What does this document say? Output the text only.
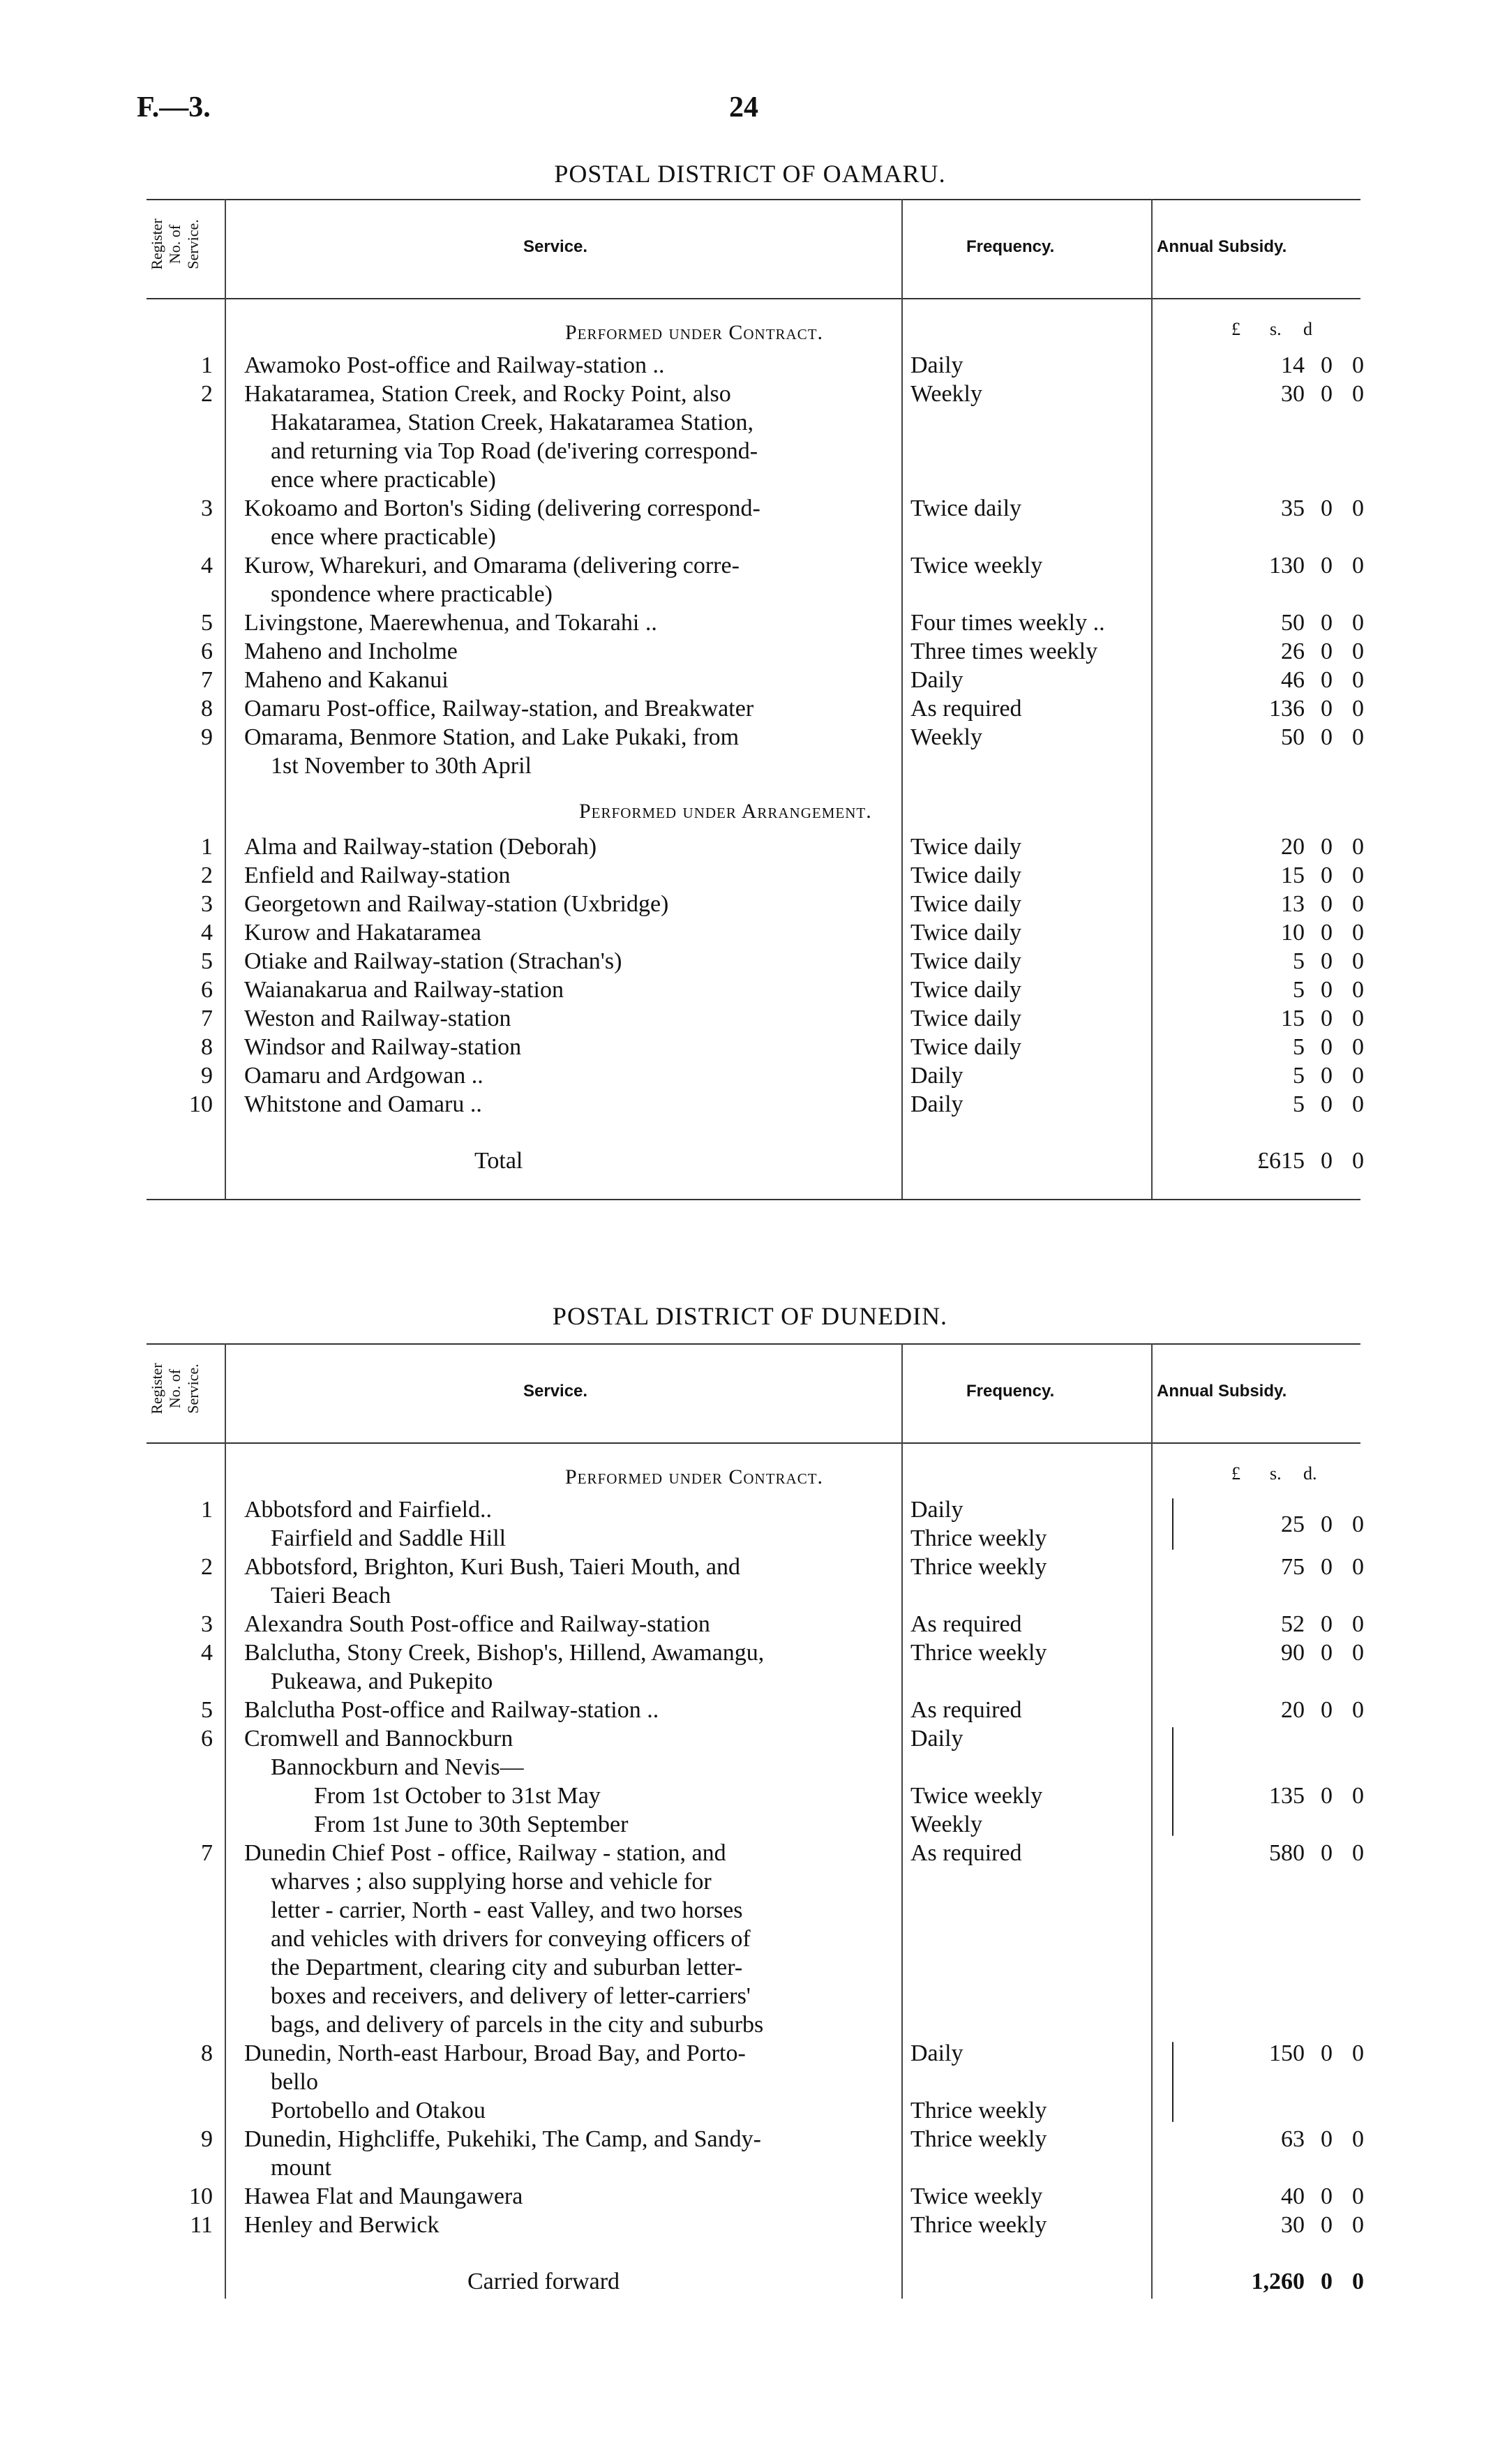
F.—3.	24
POSTAL DISTRICT OF OAMARU.
Register
No. of
Service.	Service.	Frequency.	Annual Subsidy.
£ s. d
Performed under Contract.
1 Awamoko Post-office and Railway-station ..	Daily	14 0 0
2 Hakataramea, Station Creek, and Rocky Point, also
Hakataramea, Station Creek, Hakataramea Station,
and returning via Top Road (de'ivering correspond-
ence where practicable)
Weekly	30 0 0
3 Kokoamo and Borton's Siding (delivering correspond-
ence where practicable)
Twice daily	35 0 0
4 Kurow, Wharekuri, and Omarama (delivering corre-
spondence where practicable)
Twice weekly	130 0 0
5 Livingstone, Maerewhenua, and Tokarahi ..	Four times weekly ..	50 0 0
6 Maheno and Incholme	Three times weekly	26 0 0
7 Maheno and Kakanui	Daily	46 0 0
8 Oamaru Post-office, Railway-station, and Breakwater	As required	136 0 0
9 Omarama, Benmore Station, and Lake Pukaki, from
1st November to 30th April
Weekly	50 0 0
Performed under Arrangement.
1 Alma and Railway-station (Deborah)	Twice daily	20 0 0
2 Enfield and Railway-station	Twice daily	15 0 0
3 Georgetown and Railway-station (Uxbridge)	Twice daily	13 0 0
4 Kurow and Hakataramea	Twice daily	10 0 0
5 Otiake and Railway-station (Strachan's)	Twice daily	5 0 0
6 Waianakarua and Railway-station	Twice daily	5 0 0
7 Weston and Railway-station	Twice daily	15 0 0
8 Windsor and Railway-station	Twice daily	5 0 0
9 Oamaru and Ardgowan ..	Daily	5 0 0
10 Whitstone and Oamaru ..	Daily	5 0 0
Total	£615 0 0
POSTAL DISTRICT OF DUNEDIN.
Register
No. of
Service.	Service.	Frequency.	Annual Subsidy.
£ s. d.
Performed under Contract.
1 Abbotsford and Fairfield..	Daily
Fairfield and Saddle Hill	Thrice weekly
25 0 0
2 Abbotsford, Brighton, Kuri Bush, Taieri Mouth, and
Taieri Beach
Thrice weekly	75 0 0
3 Alexandra South Post-office and Railway-station	As required	52 0 0
4 Balclutha, Stony Creek, Bishop's, Hillend, Awamangu,
Pukeawa, and Pukepito
Thrice weekly	90 0 0
5 Balclutha Post-office and Railway-station ..	As required	20 0 0
6 Cromwell and Bannockburn	Daily
Bannockburn and Nevis—
From 1st October to 31st May	Twice weekly	135 0 0
From 1st June to 30th September	Weekly
7 Dunedin Chief Post - office, Railway - station, and
wharves ; also supplying horse and vehicle for
letter - carrier, North - east Valley, and two horses
and vehicles with drivers for conveying officers of
the Department, clearing city and suburban letter-
boxes and receivers, and delivery of letter-carriers'
bags, and delivery of parcels in the city and suburbs
As required	580 0 0
8 Dunedin, North-east Harbour, Broad Bay, and Porto-
bello
Daily	150 0 0
Portobello and Otakou	Thrice weekly
9 Dunedin, Highcliffe, Pukehiki, The Camp, and Sandy-
mount
Thrice weekly	63 0 0
10 Hawea Flat and Maungawera	Twice weekly	40 0 0
11 Henley and Berwick	Thrice weekly	30 0 0
Carried forward	1,260 0 0
